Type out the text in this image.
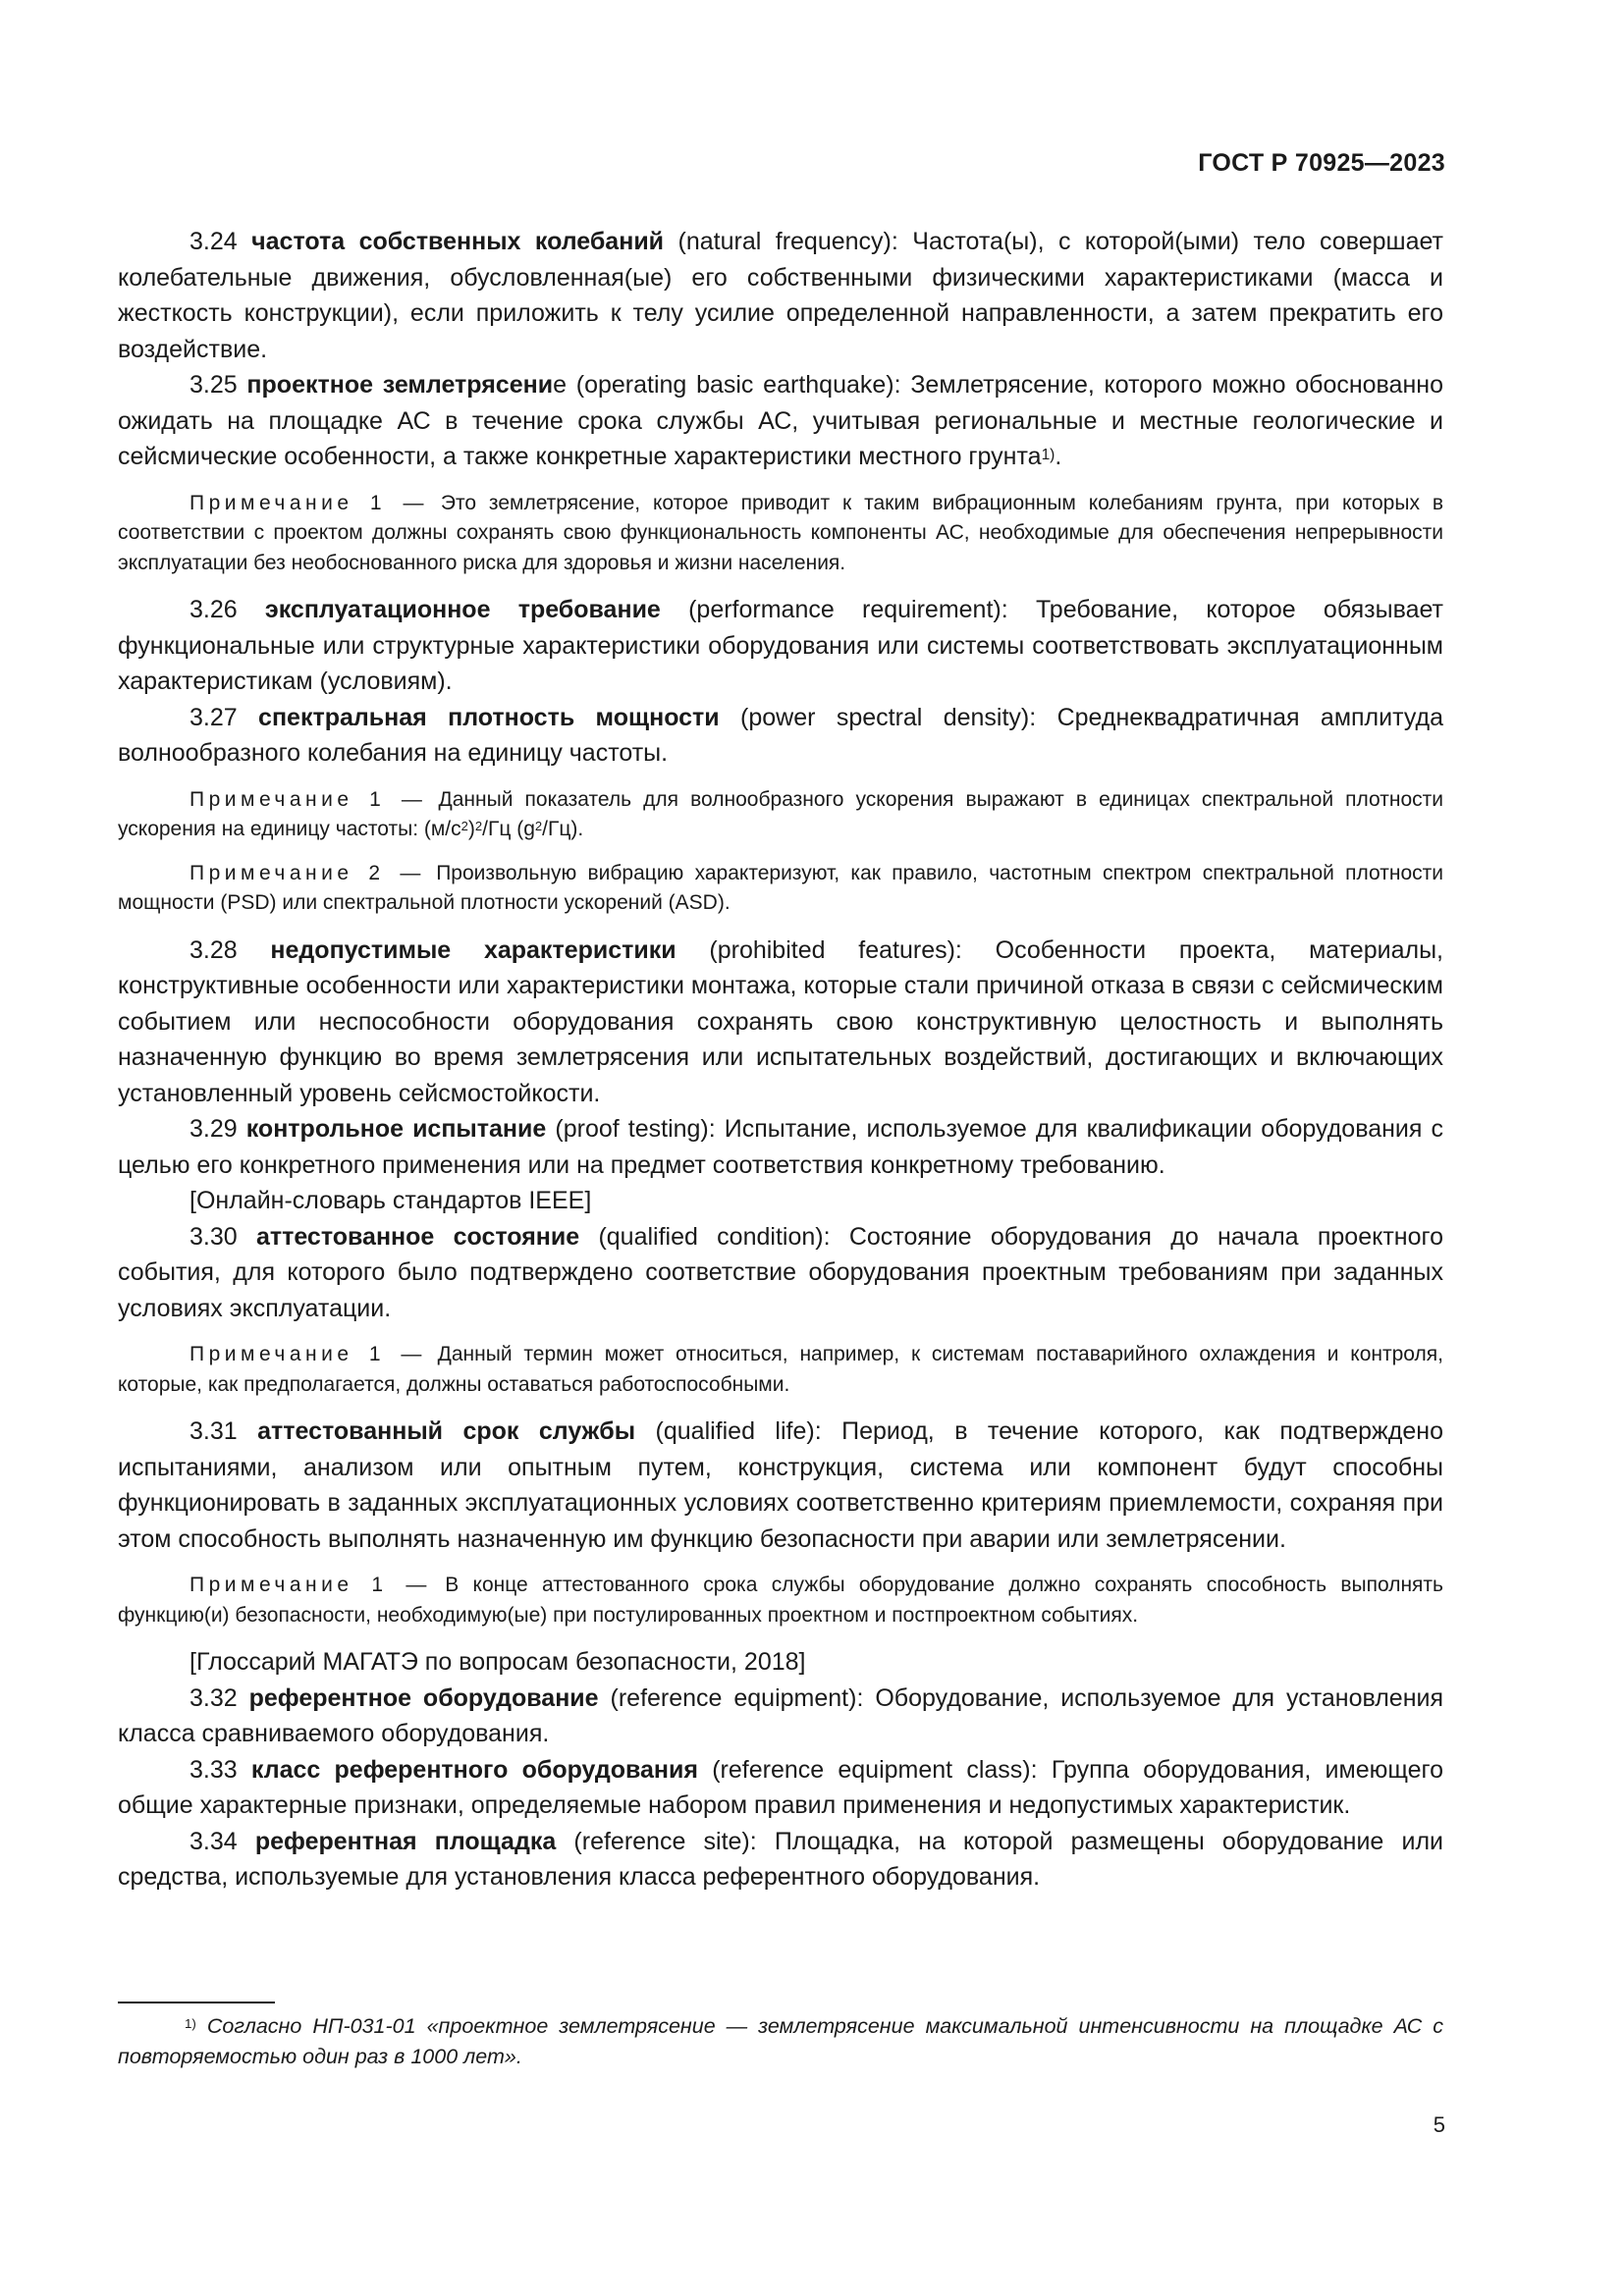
ГОСТ Р 70925—2023

3.24 частота собственных колебаний (natural frequency): Частота(ы), с которой(ыми) тело совершает колебательные движения, обусловленная(ые) его собственными физическими характеристиками (масса и жесткость конструкции), если приложить к телу усилие определенной направленности, а затем прекратить его воздействие.

3.25 проектное землетрясение (operating basic earthquake): Землетрясение, которого можно обоснованно ожидать на площадке АС в течение срока службы АС, учитывая региональные и местные геологические и сейсмические особенности, а также конкретные характеристики местного грунта$^{1)}$.

Примечание 1 — Это землетрясение, которое приводит к таким вибрационным колебаниям грунта, при которых в соответствии с проектом должны сохранять свою функциональность компоненты АС, необходимые для обеспечения непрерывности эксплуатации без необоснованного риска для здоровья и жизни населения.

3.26 эксплуатационное требование (performance requirement): Требование, которое обязывает функциональные или структурные характеристики оборудования или системы соответствовать эксплуатационным характеристикам (условиям).

3.27 спектральная плотность мощности (power spectral density): Среднеквадратичная амплитуда волнообразного колебания на единицу частоты.

Примечание 1 — Данный показатель для волнообразного ускорения выражают в единицах спектральной плотности ускорения на единицу частоты: $(м/с^2)^2/Гц$ $(g^2/Гц)$.

Примечание 2 — Произвольную вибрацию характеризуют, как правило, частотным спектром спектральной плотности мощности (PSD) или спектральной плотности ускорений (ASD).

3.28 недопустимые характеристики (prohibited features): Особенности проекта, материалы, конструктивные особенности или характеристики монтажа, которые стали причиной отказа в связи с сейсмическим событием или неспособности оборудования сохранять свою конструктивную целостность и выполнять назначенную функцию во время землетрясения или испытательных воздействий, достигающих и включающих установленный уровень сейсмостойкости.

3.29 контрольное испытание (proof testing): Испытание, используемое для квалификации оборудования с целью его конкретного применения или на предмет соответствия конкретному требованию.

[Онлайн-словарь стандартов IEEE]

3.30 аттестованное состояние (qualified condition): Состояние оборудования до начала проектного события, для которого было подтверждено соответствие оборудования проектным требованиям при заданных условиях эксплуатации.

Примечание 1 — Данный термин может относиться, например, к системам поставарийного охлаждения и контроля, которые, как предполагается, должны оставаться работоспособными.

3.31 аттестованный срок службы (qualified life): Период, в течение которого, как подтверждено испытаниями, анализом или опытным путем, конструкция, система или компонент будут способны функционировать в заданных эксплуатационных условиях соответственно критериям приемлемости, сохраняя при этом способность выполнять назначенную им функцию безопасности при аварии или землетрясении.

Примечание 1 — В конце аттестованного срока службы оборудование должно сохранять способность выполнять функцию(и) безопасности, необходимую(ые) при постулированных проектном и постпроектном событиях.

[Глоссарий МАГАТЭ по вопросам безопасности, 2018]

3.32 референтное оборудование (reference equipment): Оборудование, используемое для установления класса сравниваемого оборудования.

3.33 класс референтного оборудования (reference equipment class): Группа оборудования, имеющего общие характерные признаки, определяемые набором правил применения и недопустимых характеристик.

3.34 референтная площадка (reference site): Площадка, на которой размещены оборудование или средства, используемые для установления класса референтного оборудования.

$^{1)}$ Согласно НП-031-01 «проектное землетрясение — землетрясение максимальной интенсивности на площадке АС с повторяемостью один раз в 1000 лет».

5
